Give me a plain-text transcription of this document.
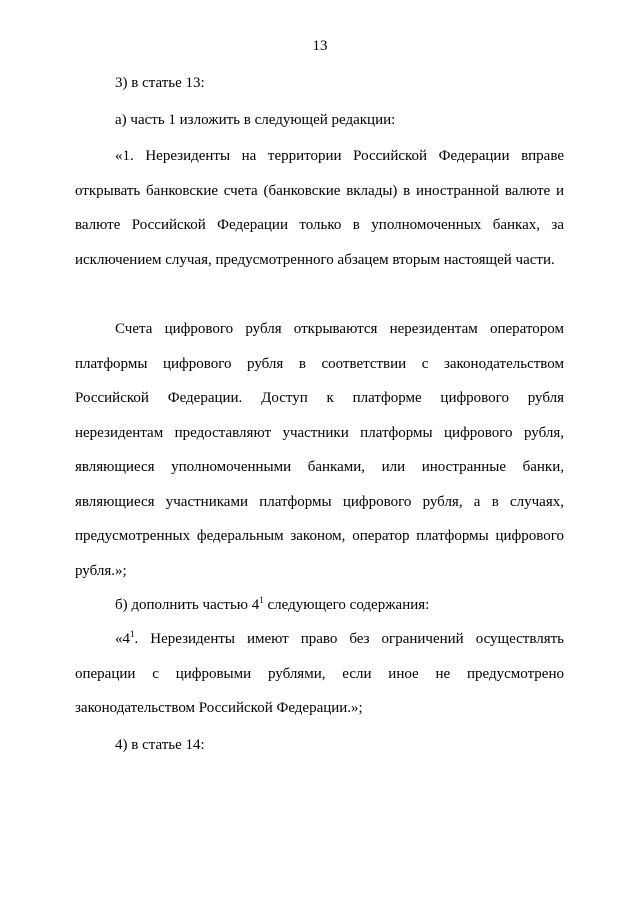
13

3) в статье 13:

а) часть 1 изложить в следующей редакции:

«1. Нерезиденты на территории Российской Федерации вправе открывать банковские счета (банковские вклады) в иностранной валюте и валюте Российской Федерации только в уполномоченных банках, за исключением случая, предусмотренного абзацем вторым настоящей части.

Счета цифрового рубля открываются нерезидентам оператором платформы цифрового рубля в соответствии с законодательством Российской Федерации. Доступ к платформе цифрового рубля нерезидентам предоставляют участники платформы цифрового рубля, являющиеся уполномоченными банками, или иностранные банки, являющиеся участниками платформы цифрового рубля, а в случаях, предусмотренных федеральным законом, оператор платформы цифрового рубля.»;

б) дополнить частью $4^1$ следующего содержания:

«$4^1$. Нерезиденты имеют право без ограничений осуществлять операции с цифровыми рублями, если иное не предусмотрено законодательством Российской Федерации.»;

4) в статье 14:
